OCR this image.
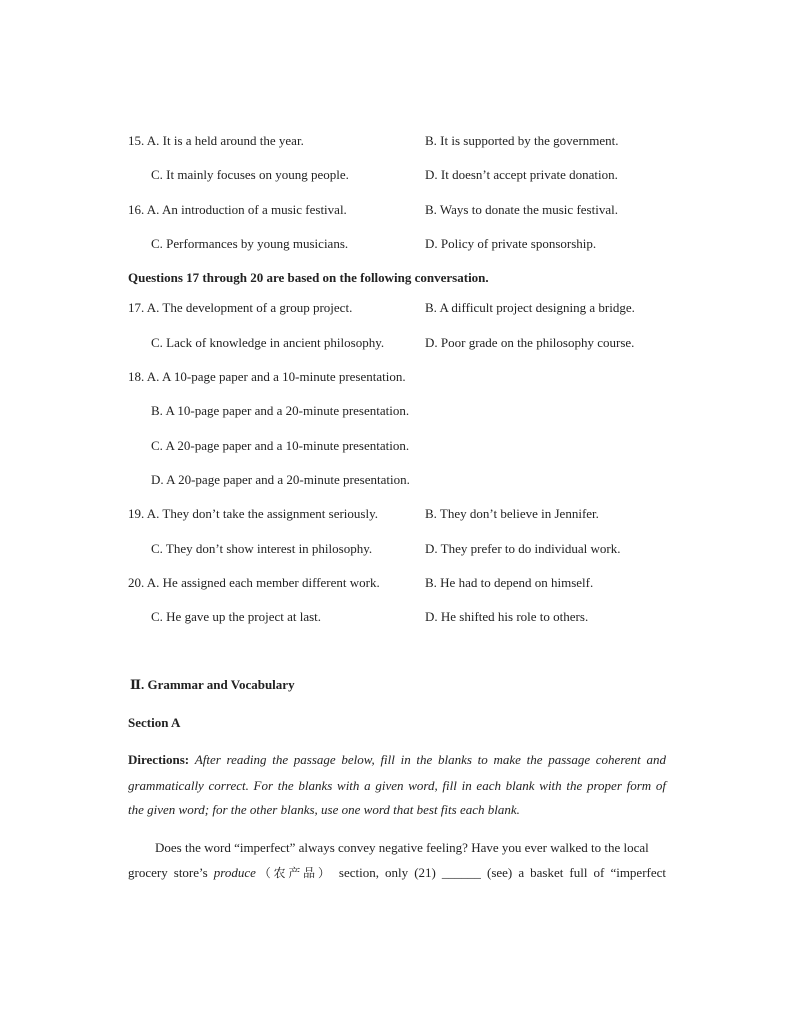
15. A. It is a held around the year.	B. It is supported by the government.
C. It mainly focuses on young people.	D. It doesn’t accept private donation.
16. A. An introduction of a music festival.	B. Ways to donate the music festival.
C. Performances by young musicians.	D. Policy of private sponsorship.
Questions 17 through 20 are based on the following conversation.
17. A. The development of a group project.	B. A difficult project designing a bridge.
C. Lack of knowledge in ancient philosophy.	D. Poor grade on the philosophy course.
18. A. A 10-page paper and a 10-minute presentation.
B. A 10-page paper and a 20-minute presentation.
C. A 20-page paper and a 10-minute presentation.
D. A 20-page paper and a 20-minute presentation.
19. A. They don’t take the assignment seriously.	B. They don’t believe in Jennifer.
C. They don’t show interest in philosophy.	D. They prefer to do individual work.
20. A. He assigned each member different work.	B. He had to depend on himself.
C. He gave up the project at last.	D. He shifted his role to others.
Ⅱ. Grammar and Vocabulary
Section A
Directions: After reading the passage below, fill in the blanks to make the passage coherent and
grammatically correct. For the blanks with a given word, fill in each blank with the proper form of
the given word; for the other blanks, use one word that best fits each blank.
Does the word “imperfect” always convey negative feeling? Have you ever walked to the local
grocery store’s produce（农产品） section, only (21) ______ (see) a basket full of “imperfect
